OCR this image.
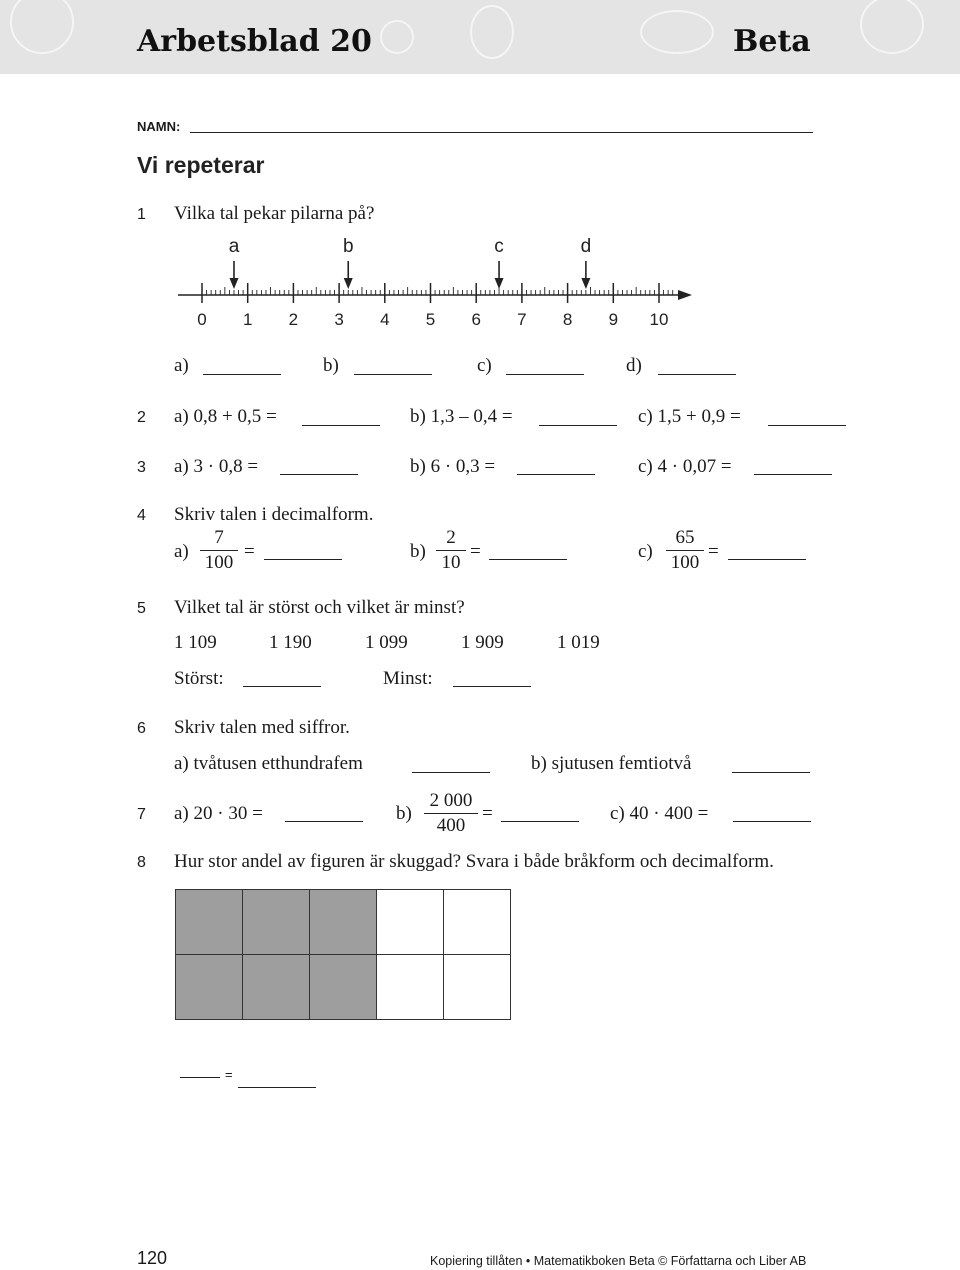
Arbetsblad 20	Beta
NAMN:
Vi repeterar
1 Vilka tal pekar pilarna på?
a	b	c	d
0 1 2 3 4 5 6 7 8 9 10
a)	b)	c)	d)
2 a) 0,8 + 0,5 =	b) 1,3 – 0,4 =	c) 1,5 + 0,9 =
3 a) 3 · 0,8 =	b) 6 · 0,3 =	c) 4 · 0,07 =
4 Skriv talen i decimalform.
a)
7
100
=	b)
2
10
=	c)
65
100
=
5 Vilket tal är störst och vilket är minst?
1 109	1 190	1 099	1 909	1 019
Störst:	Minst:
6 Skriv talen med siffror.
a) tvåtusen etthundrafem	b) sjutusen femtiotvå
7 a) 20 · 30 =	b)
2 000
400
=	c) 40 · 400 =
8 Hur stor andel av figuren är skuggad? Svara i både bråkform och decimalform.
=
120	Kopiering tillåten • Matematikboken Beta © Författarna och Liber AB
